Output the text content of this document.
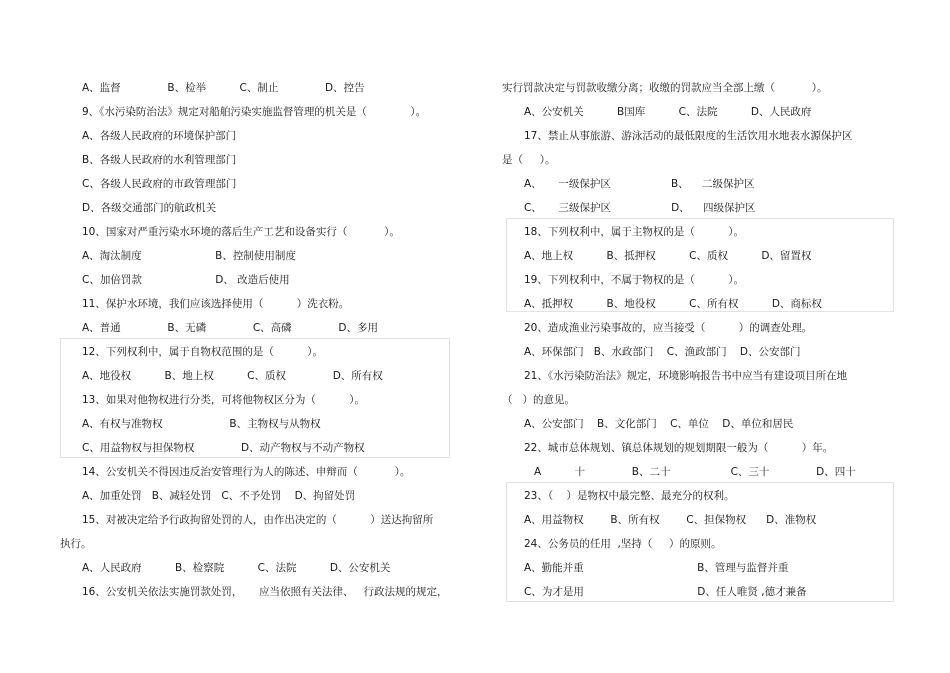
A、监督              B、检举          C、制止              D、控告
9、《水污染防治法》规定对船舶污染实施监督管理的机关是（             ）。
A、各级人民政府的环境保护部门
B、各级人民政府的水利管理部门
C、各级人民政府的市政管理部门
D、各级交通部门的航政机关
10、国家对严重污染水环境的落后生产工艺和设备实行（           ）。
A、淘汰制度                      B、控制使用制度
C、加倍罚款                      D、 改造后使用
11、保护水环境，我们应该选择使用（          ）洗衣粉。
A、普通              B、无磷              C、高磷              D、多用
12、下列权利中，属于自物权范围的是（          ）。
A、地役权          B、地上权          C、质权              D、所有权
13、如果对他物权进行分类，可将他物权区分为（          ）。
A、有权与准物权                    B、主物权与从物权
C、用益物权与担保物权              D、动产物权与不动产物权
14、公安机关不得因违反治安管理行为人的陈述、申辩而（           ）。
A、加重处罚   B、减轻处罚   C、不予处罚    D、拘留处罚
15、对被决定给予行政拘留处罚的人，由作出决定的（          ）送达拘留所
执行。
A、人民政府          B、检察院          C、法院          D、公安机关
16、公安机关依法实施罚款处罚，     应当依照有关法律、   行政法规的规定，
实行罚款决定与罚款收缴分离；收缴的罚款应当全部上缴（           ）。
A、公安机关          B国库          C、法院          D、人民政府
17、禁止从事旅游、游泳活动的最低限度的生活饮用水地表水源保护区
是（     ）。
A、     一级保护区                  B、    二级保护区
C、     三级保护区                  D、    四级保护区
18、下列权利中，属于主物权的是（          ）。
A、地上权          B、抵押权          C、质权          D、留置权
19、下列权利中，不属于物权的是（          ）。
A、抵押权          B、地役权          C、所有权          D、商标权
20、造成渔业污染事故的，应当接受（          ）的调查处理。
A、环保部门   B、水政部门    C、渔政部门    D、公安部门
21、《水污染防治法》规定，环境影响报告书中应当有建设项目所在地
（   ）的意见。
A、公安部门    B、文化部门    C、单位    D、单位和居民
22、城市总体规划、镇总体规划的规划期限一般为（          ）年。
A          十              B、二十                  C、三十              D、四十
23、（    ）是物权中最完整、最充分的权利。
A、用益物权        B、所有权        C、担保物权      D、准物权
24、公务员的任用  ,坚持（     ）的原则。
A、勤能并重                                  B、管理与监督并重
C、为才是用                                  D、任人唯贤 ,德才兼备
